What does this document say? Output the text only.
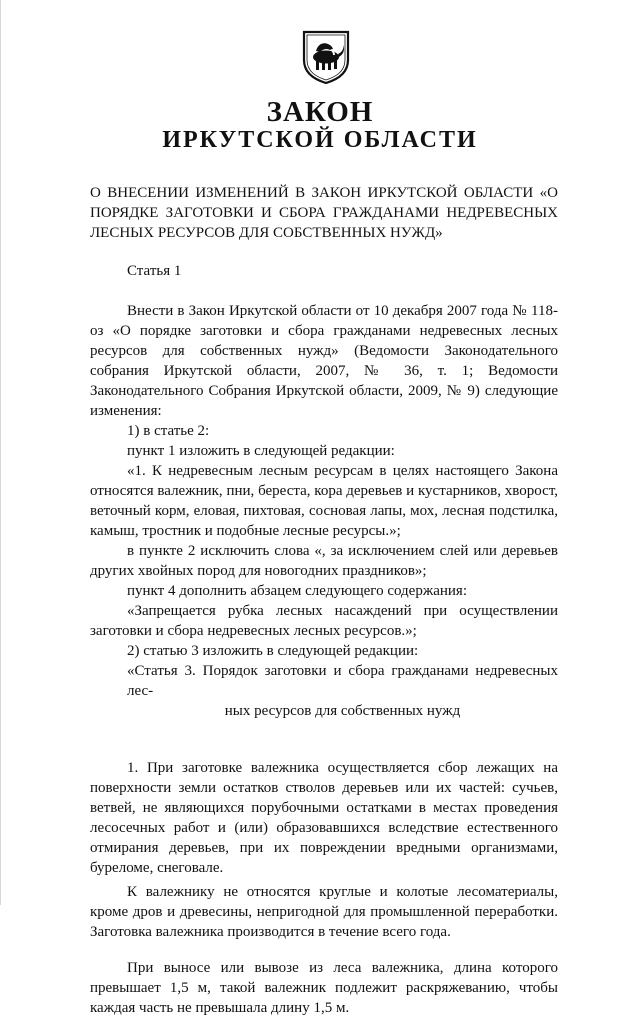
ЗАКОН
ИРКУТСКОЙ ОБЛАСТИ

О ВНЕСЕНИИ ИЗМЕНЕНИЙ В ЗАКОН ИРКУТСКОЙ ОБЛАСТИ «О ПОРЯДКЕ ЗАГОТОВКИ И СБОРА ГРАЖДАНАМИ НЕДРЕВЕСНЫХ ЛЕСНЫХ РЕСУРСОВ ДЛЯ СОБСТВЕННЫХ НУЖД»

Статья 1

Внести в Закон Иркутской области от 10 декабря 2007 года № 118-оз «О порядке заготовки и сбора гражданами недревесных лесных ресурсов для собственных нужд» (Ведомости Законодательного собрания Иркутской области, 2007, № 36, т. 1; Ведомости Законодательного Собрания Иркутской области, 2009, № 9) следующие изменения:

1) в статье 2:

пункт 1 изложить в следующей редакции:

«1. К недревесным лесным ресурсам в целях настоящего Закона относятся валежник, пни, береста, кора деревьев и кустарников, хворост, веточный корм, еловая, пихтовая, сосновая лапы, мох, лесная подстилка, камыш, тростник и подобные лесные ресурсы.»;

в пункте 2 исключить слова «, за исключением слей или деревьев других хвойных пород для новогодних праздников»;

пункт 4 дополнить абзацем следующего содержания:

«Запрещается рубка лесных насаждений при осуществлении заготовки и сбора недревесных лесных ресурсов.»;

2) статью 3 изложить в следующей редакции:

«Статья 3. Порядок заготовки и сбора гражданами недревесных лес-
ных ресурсов для собственных нужд

1. При заготовке валежника осуществляется сбор лежащих на поверхности земли остатков стволов деревьев или их частей: сучьев, ветвей, не являющихся порубочными остатками в местах проведения лесосечных работ и (или) образовавшихся вследствие естественного отмирания деревьев, при их повреждении вредными организмами, буреломе, снеговале.

К валежнику не относятся круглые и колотые лесоматериалы, кроме дров и древесины, непригодной для промышленной переработки. Заготовка валежника производится в течение всего года.

При выносе или вывозе из леса валежника, длина которого превышает 1,5 м, такой валежник подлежит раскряжеванию, чтобы каждая часть не превышала длину 1,5 м.
